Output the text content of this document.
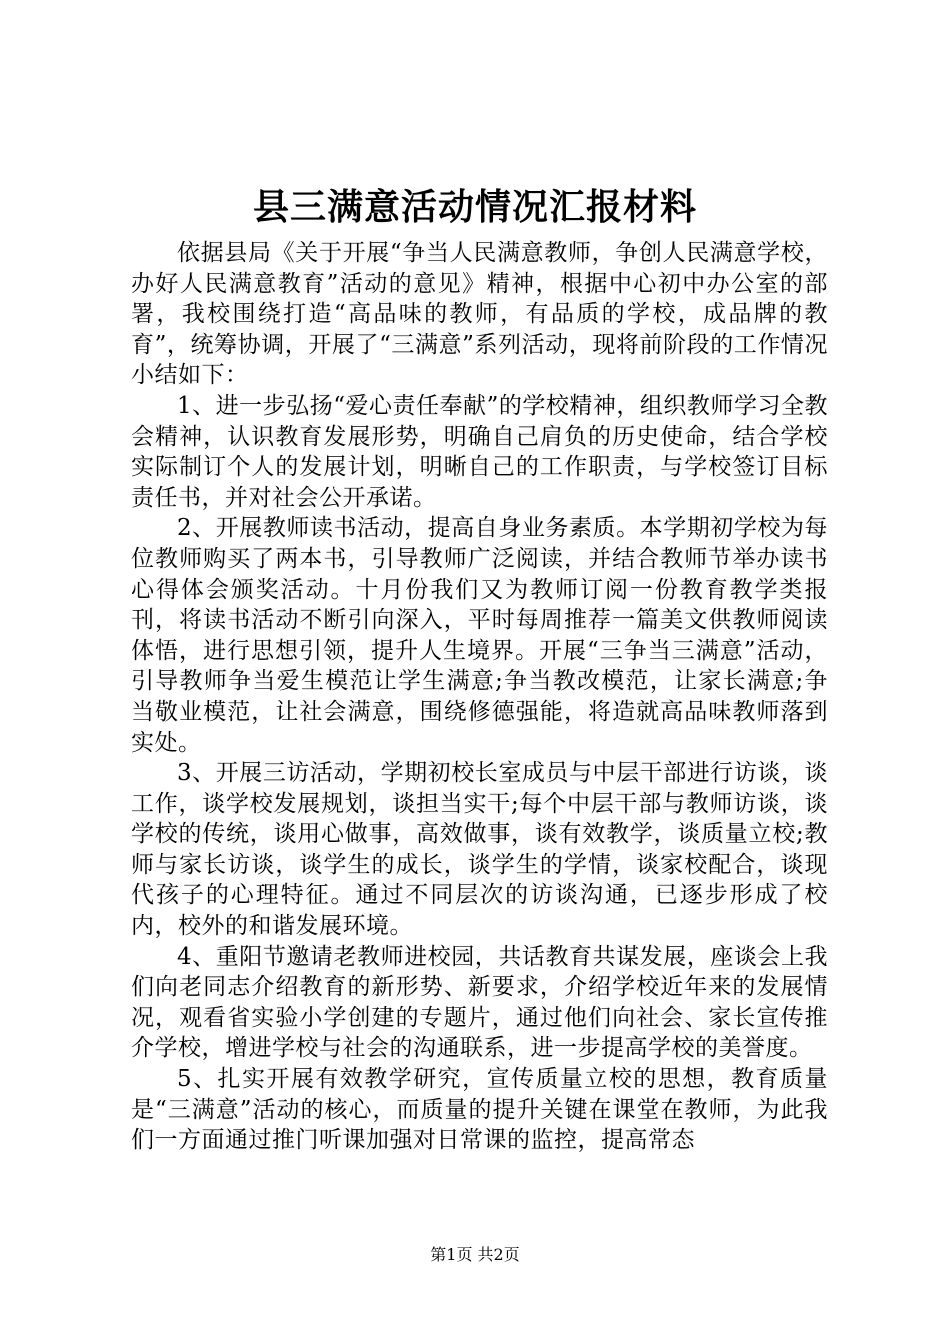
县三满意活动情况汇报材料

依据县局《关于开展“争当人民满意教师，争创人民满意学校，办好人民满意教育”活动的意见》精神，根据中心初中办公室的部署，我校围绕打造“高品味的教师，有品质的学校，成品牌的教育”，统筹协调，开展了“三满意”系列活动，现将前阶段的工作情况小结如下：

1、进一步弘扬“爱心责任奉献”的学校精神，组织教师学习全教会精神，认识教育发展形势，明确自己肩负的历史使命，结合学校实际制订个人的发展计划，明晰自己的工作职责，与学校签订目标责任书，并对社会公开承诺。

2、开展教师读书活动，提高自身业务素质。本学期初学校为每位教师购买了两本书，引导教师广泛阅读，并结合教师节举办读书心得体会颁奖活动。十月份我们又为教师订阅一份教育教学类报刊，将读书活动不断引向深入，平时每周推荐一篇美文供教师阅读体悟，进行思想引领，提升人生境界。开展“三争当三满意”活动，引导教师争当爱生模范让学生满意;争当教改模范，让家长满意;争当敬业模范，让社会满意，围绕修德强能，将造就高品味教师落到实处。

3、开展三访活动，学期初校长室成员与中层干部进行访谈，谈工作，谈学校发展规划，谈担当实干;每个中层干部与教师访谈，谈学校的传统，谈用心做事，高效做事，谈有效教学，谈质量立校;教师与家长访谈，谈学生的成长，谈学生的学情，谈家校配合，谈现代孩子的心理特征。通过不同层次的访谈沟通，已逐步形成了校内，校外的和谐发展环境。

4、重阳节邀请老教师进校园，共话教育共谋发展，座谈会上我们向老同志介绍教育的新形势、新要求，介绍学校近年来的发展情况，观看省实验小学创建的专题片，通过他们向社会、家长宣传推介学校，增进学校与社会的沟通联系，进一步提高学校的美誉度。

5、扎实开展有效教学研究，宣传质量立校的思想，教育质量是“三满意”活动的核心，而质量的提升关键在课堂在教师，为此我们一方面通过推门听课加强对日常课的监控，提高常态

第1页 共2页
